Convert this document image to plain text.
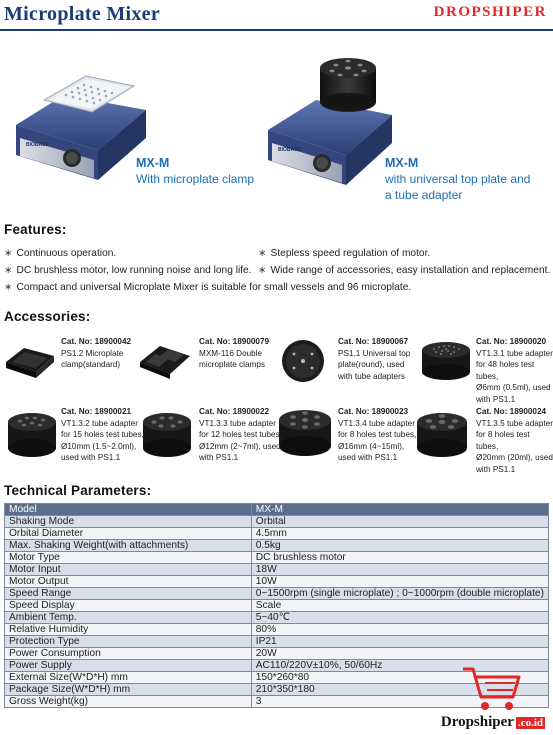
Microplate Mixer	DROPSHIPER
BIOBASE
MX-M
With microplate clamp
BIOBASE
MX-M
with universal top plate and
a tube adapter
Features:
∗ Continuous operation.	∗ Stepless speed regulation of motor.
∗ DC brushless motor, low running noise and long life. ∗ Wide range of accessories, easy installation and replacement.
∗ Compact and universal Microplate Mixer is suitable for small vessels and 96 microplate.
Accessories:
Cat. No: 18900042
PS1.2 Microplate
clamp(standard)
Cat. No: 18900079
MXM-116 Double
microplate clamps
Cat. No: 18900067
PS1.1 Universal top
plate(round), used
with tube adapters
Cat. No: 18900020
VT1.3.1 tube adapter
for 48 holes test tubes,
Ø6mm (0.5ml), used
with PS1.1
Cat. No: 18900021
VT1.3.2 tube adapter
for 15 holes test tubes,
Ø10mm (1.5~2.0ml),
used with PS1.1
Cat. No: 18900022
VT1.3.3 tube adapter
for 12 holes test tubes,
Ø12mm (2~7ml), used
with PS1.1
Cat. No: 18900023
VT1.3.4 tube adapter
for 8 holes test tubes,
Ø16mm (4~15ml),
used with PS1.1
Cat. No: 18900024
VT1.3.5 tube adapter
for 8 holes test tubes,
Ø20mm (20ml), used
with PS1.1
Technical Parameters:
Model	MX-M
Shaking Mode	Orbital
Orbital Diameter	4.5mm
Max. Shaking Weight(with attachments)	0.5kg
Motor Type	DC brushless motor
Motor Input	18W
Motor Output	10W
Speed Range	0~1500rpm (single microplate) ; 0~1000rpm (double microplate)
Speed Display	Scale
Ambient Temp.	5~40℃
Relative Humidity	80%
Protection Type	IP21
Power Consumption	20W
Power Supply	AC110/220V±10%, 50/60Hz
External Size(W*D*H) mm	150*260*80
Package Size(W*D*H) mm	210*350*180
Gross Weight(kg)	3
Dropshiper .co.id
